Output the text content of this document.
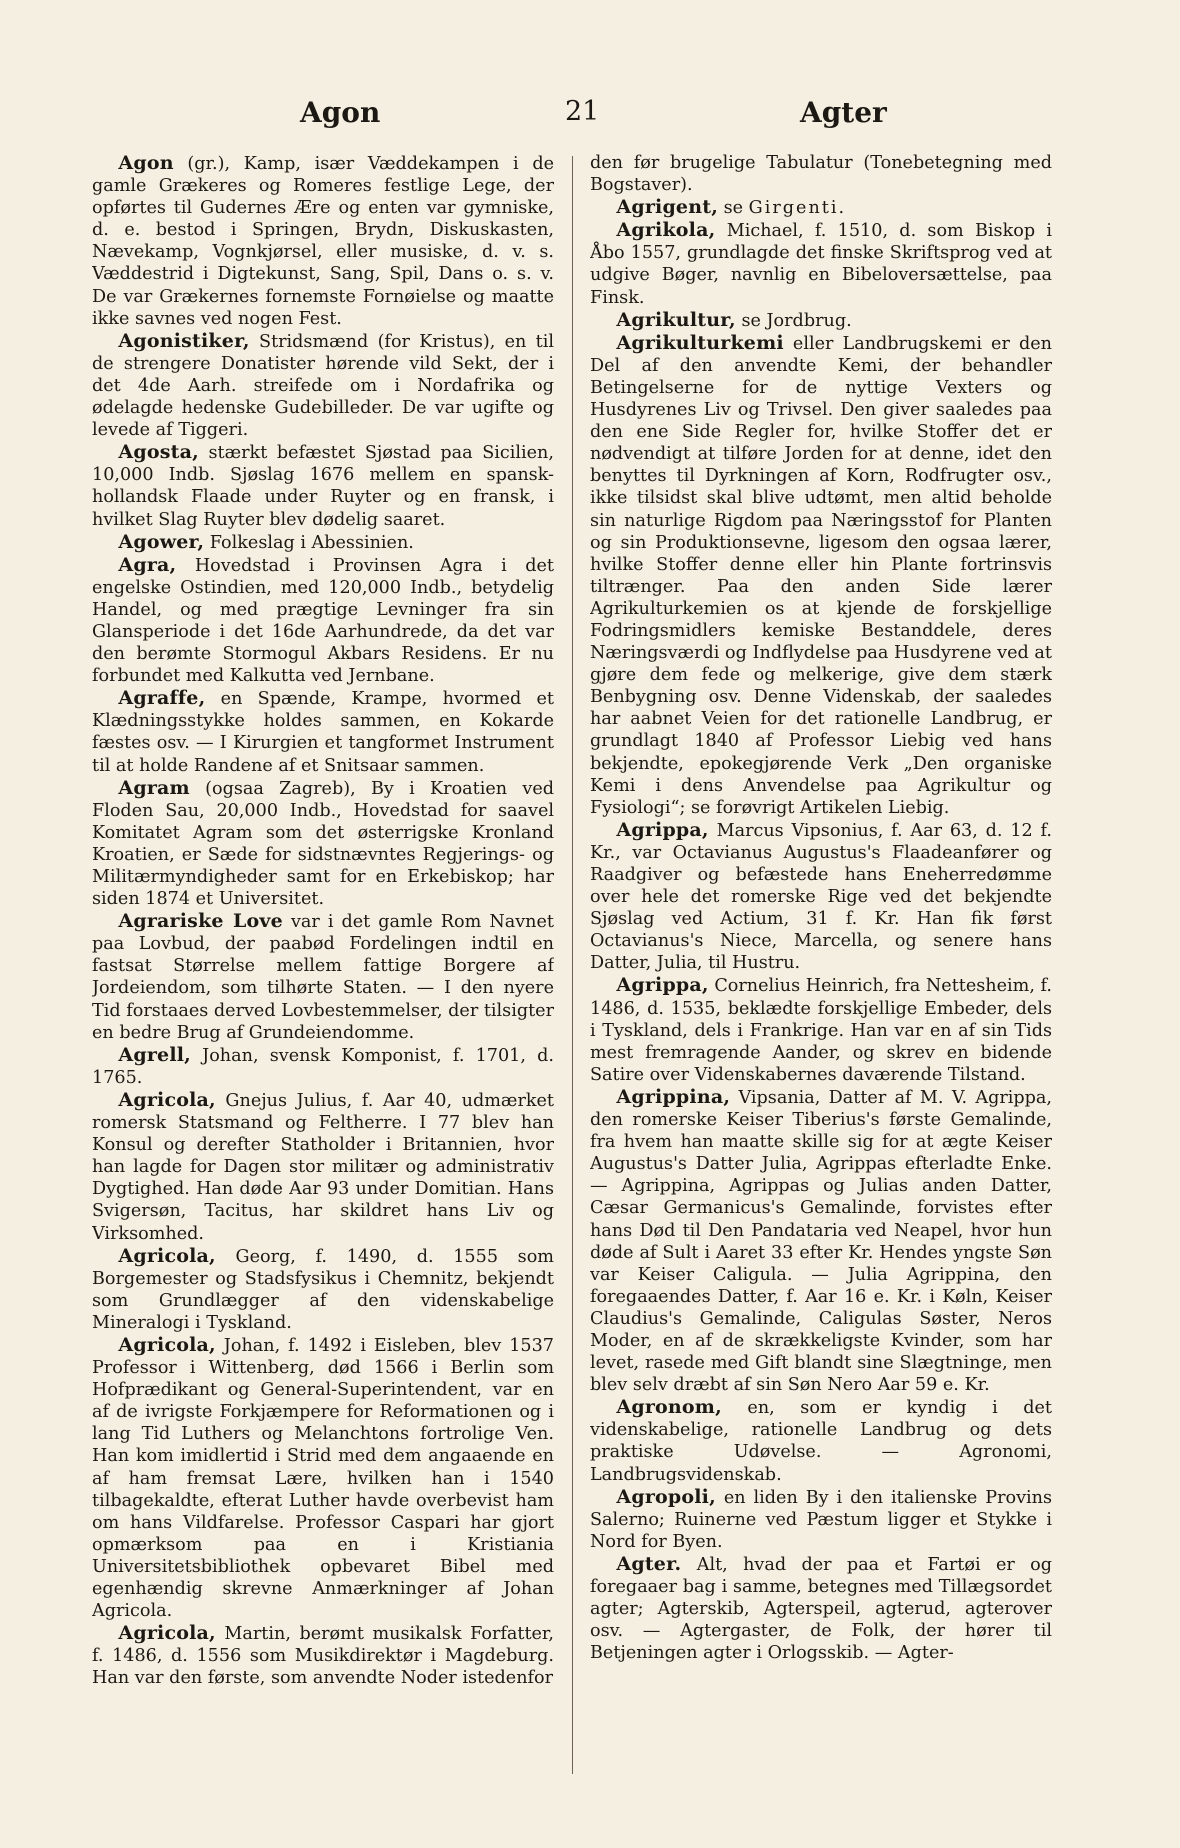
Agon	21	Agter

Agon (gr.), Kamp, især Væddekampen i de gamle Grækeres og Romeres festlige Lege, der opførtes til Gudernes Ære og enten var gymniske, d. e. bestod i Springen, Brydn, Diskuskasten, Nævekamp, Vognkjørsel, eller musiske, d. v. s. Væddestrid i Digtekunst, Sang, Spil, Dans o. s. v. De var Grækernes fornemste Fornøielse og maatte ikke savnes ved nogen Fest.

Agonistiker, Stridsmænd (for Kristus), en til de strengere Donatister hørende vild Sekt, der i det 4de Aarh. streifede om i Nordafrika og ødelagde hedenske Gudebilleder. De var ugifte og levede af Tiggeri.

Agosta, stærkt befæstet Sjøstad paa Sicilien, 10,000 Indb. Sjøslag 1676 mellem en spansk-hollandsk Flaade under Ruyter og en fransk, i hvilket Slag Ruyter blev dødelig saaret.

Agower, Folkeslag i Abessinien.

Agra, Hovedstad i Provinsen Agra i det engelske Ostindien, med 120,000 Indb., betydelig Handel, og med prægtige Levninger fra sin Glansperiode i det 16de Aarhundrede, da det var den berømte Stormogul Akbars Residens. Er nu forbundet med Kalkutta ved Jernbane.

Agraffe, en Spænde, Krampe, hvormed et Klædningsstykke holdes sammen, en Kokarde fæstes osv. — I Kirurgien et tangformet Instrument til at holde Randene af et Snitsaar sammen.

Agram (ogsaa Zagreb), By i Kroatien ved Floden Sau, 20,000 Indb., Hovedstad for saavel Komitatet Agram som det østerrigske Kronland Kroatien, er Sæde for sidstnævntes Regjerings- og Militærmyndigheder samt for en Erkebiskop; har siden 1874 et Universitet.

Agrariske Love var i det gamle Rom Navnet paa Lovbud, der paabød Fordelingen indtil en fastsat Størrelse mellem fattige Borgere af Jordeiendom, som tilhørte Staten. — I den nyere Tid forstaaes derved Lovbestemmelser, der tilsigter en bedre Brug af Grundeiendomme.

Agrell, Johan, svensk Komponist, f. 1701, d. 1765.

Agricola, Gnejus Julius, f. Aar 40, udmærket romersk Statsmand og Feltherre. I 77 blev han Konsul og derefter Statholder i Britannien, hvor han lagde for Dagen stor militær og administrativ Dygtighed. Han døde Aar 93 under Domitian. Hans Svigersøn, Tacitus, har skildret hans Liv og Virksomhed.

Agricola, Georg, f. 1490, d. 1555 som Borgemester og Stadsfysikus i Chemnitz, bekjendt som Grundlægger af den videnskabelige Mineralogi i Tyskland.

Agricola, Johan, f. 1492 i Eisleben, blev 1537 Professor i Wittenberg, død 1566 i Berlin som Hofprædikant og General-Superintendent, var en af de ivrigste Forkjæmpere for Reformationen og i lang Tid Luthers og Melanchtons fortrolige Ven. Han kom imidlertid i Strid med dem angaaende en af ham fremsat Lære, hvilken han i 1540 tilbagekaldte, efterat Luther havde overbevist ham om hans Vildfarelse. Professor Caspari har gjort opmærksom paa en i Kristiania Universitetsbibliothek opbevaret Bibel med egenhændig skrevne Anmærkninger af Johan Agricola.

Agricola, Martin, berømt musikalsk Forfatter, f. 1486, d. 1556 som Musikdirektør i Magdeburg. Han var den første, som anvendte Noder istedenfor

den før brugelige Tabulatur (Tonebetegning med Bogstaver).

Agrigent, se Girgenti.

Agrikola, Michael, f. 1510, d. som Biskop i Åbo 1557, grundlagde det finske Skriftsprog ved at udgive Bøger, navnlig en Bibeloversættelse, paa Finsk.

Agrikultur, se Jordbrug.

Agrikulturkemi eller Landbrugskemi er den Del af den anvendte Kemi, der behandler Betingelserne for de nyttige Vexters og Husdyrenes Liv og Trivsel. Den giver saaledes paa den ene Side Regler for, hvilke Stoffer det er nødvendigt at tilføre Jorden for at denne, idet den benyttes til Dyrkningen af Korn, Rodfrugter osv., ikke tilsidst skal blive udtømt, men altid beholde sin naturlige Rigdom paa Næringsstof for Planten og sin Produktionsevne, ligesom den ogsaa lærer, hvilke Stoffer denne eller hin Plante fortrinsvis tiltrænger. Paa den anden Side lærer Agrikulturkemien os at kjende de forskjellige Fodringsmidlers kemiske Bestanddele, deres Næringsværdi og Indflydelse paa Husdyrene ved at gjøre dem fede og melkerige, give dem stærk Benbygning osv. Denne Videnskab, der saaledes har aabnet Veien for det rationelle Landbrug, er grundlagt 1840 af Professor Liebig ved hans bekjendte, epokegjørende Verk „Den organiske Kemi i dens Anvendelse paa Agrikultur og Fysiologi“; se forøvrigt Artikelen Liebig.

Agrippa, Marcus Vipsonius, f. Aar 63, d. 12 f. Kr., var Octavianus Augustus's Flaadeanfører og Raadgiver og befæstede hans Eneherredømme over hele det romerske Rige ved det bekjendte Sjøslag ved Actium, 31 f. Kr. Han fik først Octavianus's Niece, Marcella, og senere hans Datter, Julia, til Hustru.

Agrippa, Cornelius Heinrich, fra Nettesheim, f. 1486, d. 1535, beklædte forskjellige Embeder, dels i Tyskland, dels i Frankrige. Han var en af sin Tids mest fremragende Aander, og skrev en bidende Satire over Videnskabernes daværende Tilstand.

Agrippina, Vipsania, Datter af M. V. Agrippa, den romerske Keiser Tiberius's første Gemalinde, fra hvem han maatte skille sig for at ægte Keiser Augustus's Datter Julia, Agrippas efterladte Enke. — Agrippina, Agrippas og Julias anden Datter, Cæsar Germanicus's Gemalinde, forvistes efter hans Død til Den Pandataria ved Neapel, hvor hun døde af Sult i Aaret 33 efter Kr. Hendes yngste Søn var Keiser Caligula. — Julia Agrippina, den foregaaendes Datter, f. Aar 16 e. Kr. i Køln, Keiser Claudius's Gemalinde, Caligulas Søster, Neros Moder, en af de skrækkeligste Kvinder, som har levet, rasede med Gift blandt sine Slægtninge, men blev selv dræbt af sin Søn Nero Aar 59 e. Kr.

Agronom, en, som er kyndig i det videnskabelige, rationelle Landbrug og dets praktiske Udøvelse. — Agronomi, Landbrugsvidenskab.

Agropoli, en liden By i den italienske Provins Salerno; Ruinerne ved Pæstum ligger et Stykke i Nord for Byen.

Agter. Alt, hvad der paa et Fartøi er og foregaaer bag i samme, betegnes med Tillægsordet agter; Agterskib, Agterspeil, agterud, agterover osv. — Agtergaster, de Folk, der hører til Betjeningen agter i Orlogsskib. — Agter-
